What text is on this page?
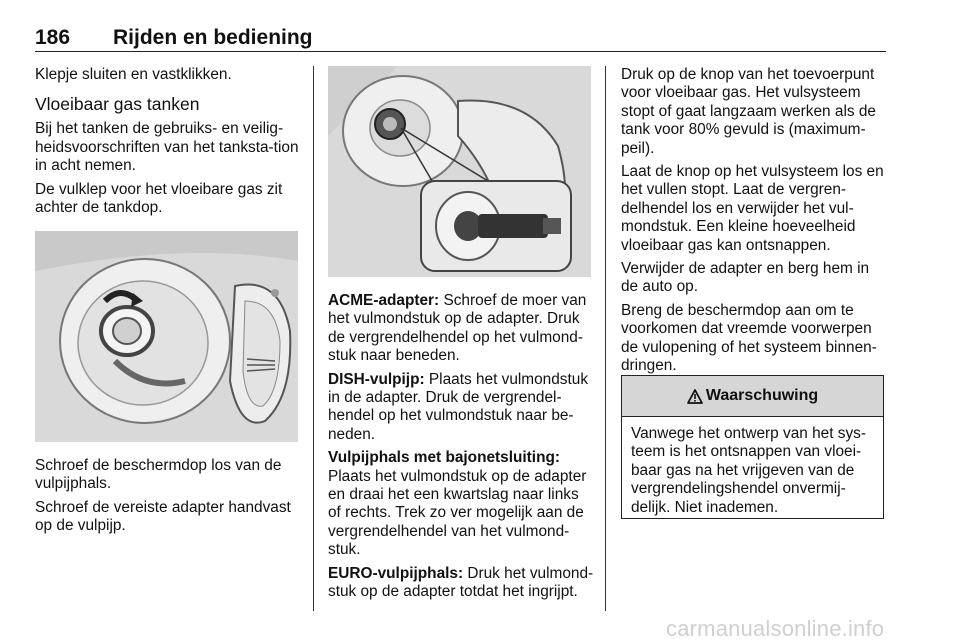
186 Rijden en bediening

Klepje sluiten en vastklikken.

Vloeibaar gas tanken

Bij het tanken de gebruiks- en veilig-heidsvoorschriften van het tanksta-tion in acht nemen.

De vulklep voor het vloeibare gas zit achter de tankdop.

Schroef de beschermdop los van de vulpijphals.

Schroef de vereiste adapter handvast op de vulpijp.

ACME-adapter: Schroef de moer van het vulmondstuk op de adapter. Druk de vergrendelhendel op het vulmond-stuk naar beneden.

DISH-vulpijp: Plaats het vulmondstuk in de adapter. Druk de vergrendel-hendel op het vulmondstuk naar be-neden.

Vulpijphals met bajonetsluiting:
Plaats het vulmondstuk op de adapter en draai het een kwartslag naar links of rechts. Trek zo ver mogelijk aan de vergrendelhendel van het vulmond-stuk.

EURO-vulpijphals: Druk het vulmond-stuk op de adapter totdat het ingrijpt.

Druk op de knop van het toevoerpunt voor vloeibaar gas. Het vulsysteem stopt of gaat langzaam werken als de tank voor 80% gevuld is (maximum-peil).

Laat de knop op het vulsysteem los en het vullen stopt. Laat de vergren-delhendel los en verwijder het vul-mondstuk. Een kleine hoeveelheid vloeibaar gas kan ontsnappen.

Verwijder de adapter en berg hem in de auto op.

Breng de beschermdop aan om te voorkomen dat vreemde voorwerpen de vulopening of het systeem binnen-dringen.

Waarschuwing
Vanwege het ontwerp van het sys-teem is het ontsnappen van vloei-baar gas na het vrijgeven van de vergrendelingshendel onvermij-delijk. Niet inademen.
carmanualsonline.info
